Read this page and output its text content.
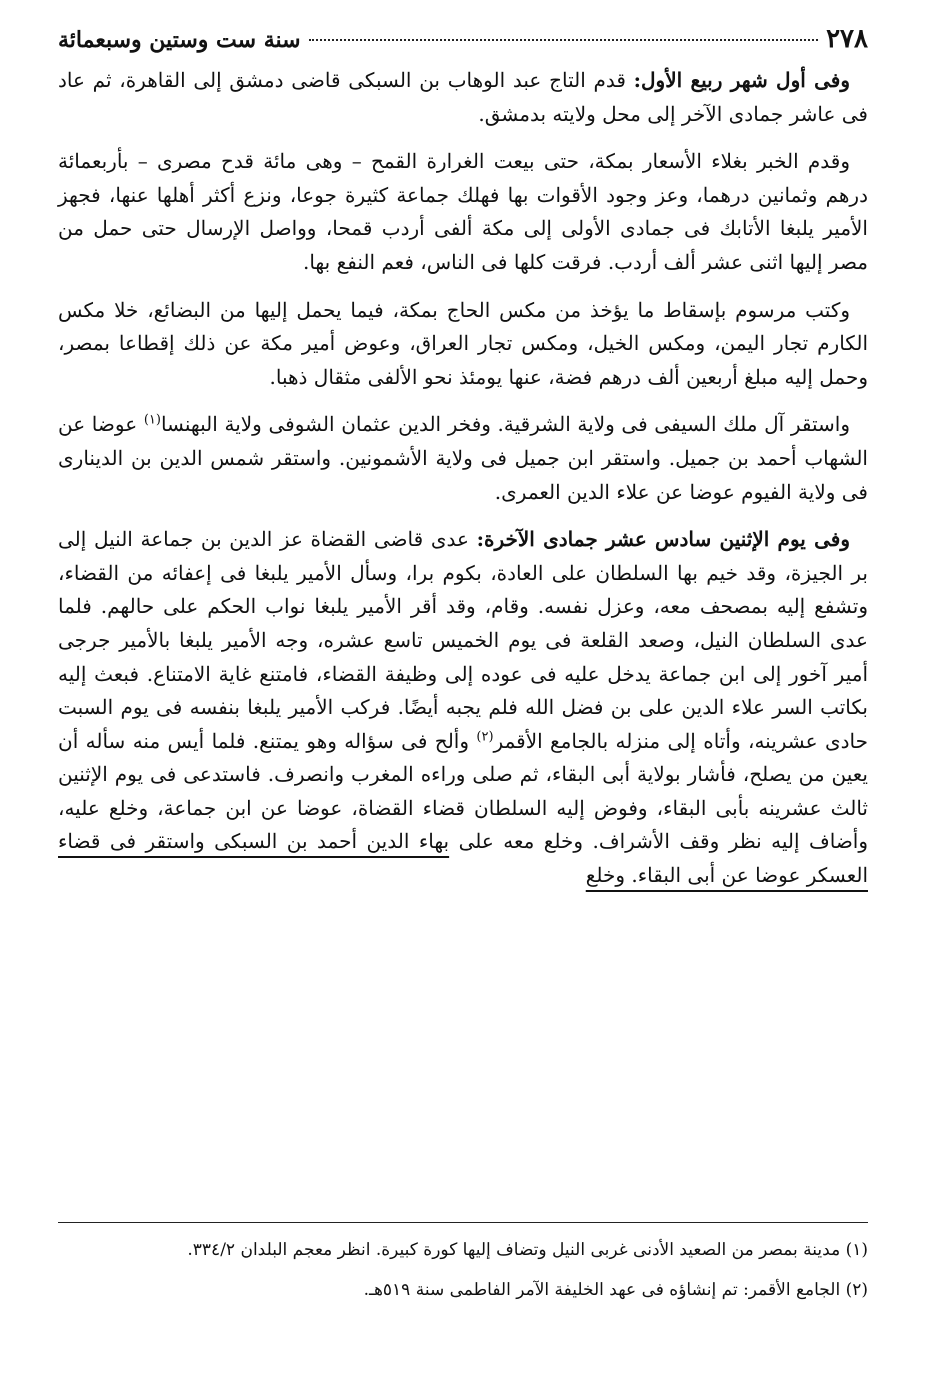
٢٧٨
سنة ست وستين وسبعمائة

وفى أول شهر ربيع الأول: قدم التاج عبد الوهاب بن السبكى قاضى دمشق إلى القاهرة، ثم عاد فى عاشر جمادى الآخر إلى محل ولايته بدمشق.

وقدم الخبر بغلاء الأسعار بمكة، حتى بيعت الغرارة القمح – وهى مائة قدح مصرى – بأربعمائة درهم وثمانين درهما، وعز وجود الأقوات بها فهلك جماعة كثيرة جوعا، ونزع أكثر أهلها عنها، فجهز الأمير يلبغا الأتابك فى جمادى الأولى إلى مكة ألفى أردب قمحا، وواصل الإرسال حتى حمل من مصر إليها اثنى عشر ألف أردب. فرقت كلها فى الناس، فعم النفع بها.

وكتب مرسوم بإسقاط ما يؤخذ من مكس الحاج بمكة، فيما يحمل إليها من البضائع، خلا مكس الكارم تجار اليمن، ومكس الخيل، ومكس تجار العراق، وعوض أمير مكة عن ذلك إقطاعا بمصر، وحمل إليه مبلغ أربعين ألف درهم فضة، عنها يومئذ نحو الألفى مثقال ذهبا.

واستقر آل ملك السيفى فى ولاية الشرقية. وفخر الدين عثمان الشوفى ولاية البهنسا$^{(١)}$ عوضا عن الشهاب أحمد بن جميل. واستقر ابن جميل فى ولاية الأشمونين. واستقر شمس الدين بن الدينارى فى ولاية الفيوم عوضا عن علاء الدين العمرى.

وفى يوم الإثنين سادس عشر جمادى الآخرة: عدى قاضى القضاة عز الدين بن جماعة النيل إلى بر الجيزة، وقد خيم بها السلطان على العادة، بكوم برا، وسأل الأمير يلبغا فى إعفائه من القضاء، وتشفع إليه بمصحف معه، وعزل نفسه. وقام، وقد أقر الأمير يلبغا نواب الحكم على حالهم. فلما عدى السلطان النيل، وصعد القلعة فى يوم الخميس تاسع عشره، وجه الأمير يلبغا بالأمير جرجى أمير آخور إلى ابن جماعة يدخل عليه فى عوده إلى وظيفة القضاء، فامتنع غاية الامتناع. فبعث إليه بكاتب السر علاء الدين على بن فضل الله فلم يجبه أيضًا. فركب الأمير يلبغا بنفسه فى يوم السبت حادى عشرينه، وأتاه إلى منزله بالجامع الأقمر$^{(٢)}$ وألح فى سؤاله وهو يمتنع. فلما أيس منه سأله أن يعين من يصلح، فأشار بولاية أبى البقاء، ثم صلى وراءه المغرب وانصرف. فاستدعى فى يوم الإثنين ثالث عشرينه بأبى البقاء، وفوض إليه السلطان قضاء القضاة، عوضا عن ابن جماعة، وخلع عليه، وأضاف إليه نظر وقف الأشراف. وخلع معه على بهاء الدين أحمد بن السبكى واستقر فى قضاء العسكر عوضا عن أبى البقاء. وخلع

(١) مدينة بمصر من الصعيد الأدنى غربى النيل وتضاف إليها كورة كبيرة. انظر معجم البلدان ٣٣٤/٢.

(٢) الجامع الأقمر: تم إنشاؤه فى عهد الخليفة الآمر الفاطمى سنة ٥١٩هـ.
